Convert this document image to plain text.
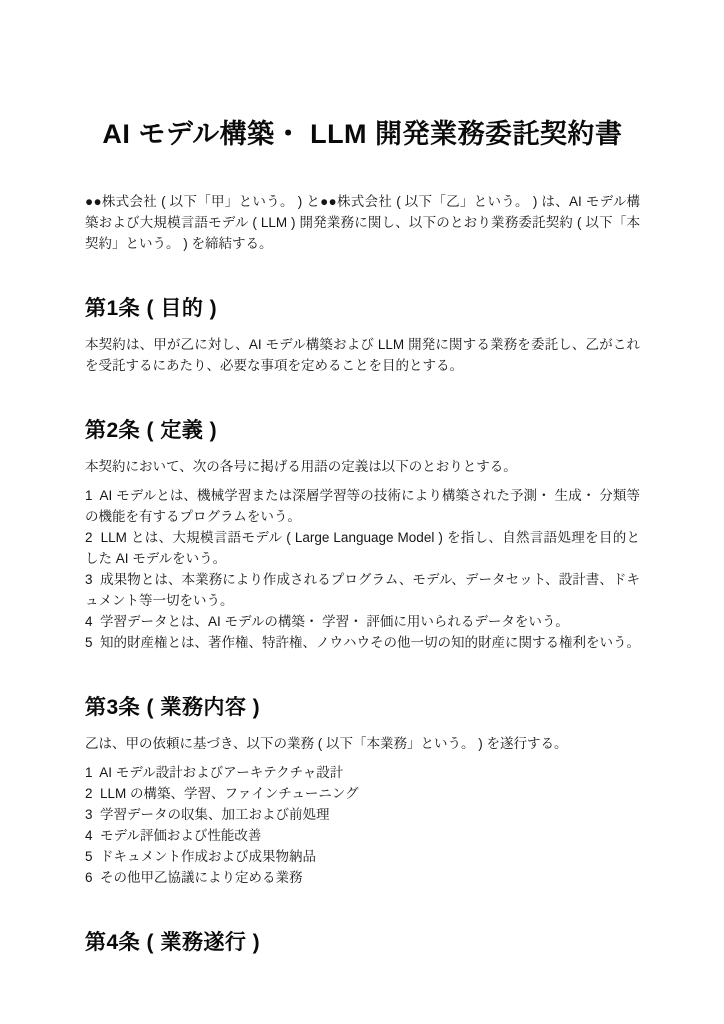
AI モデル構築・ LLM 開発業務委託契約書

●●株式会社 ( 以下「甲」という。 ) と●●株式会社 ( 以下「乙」という。 ) は、AI モデル構築および大規模言語モデル ( LLM ) 開発業務に関し、以下のとおり業務委託契約 ( 以下「本契約」という。 ) を締結する。

第1条 ( 目的 )

本契約は、甲が乙に対し、AI モデル構築および LLM 開発に関する業務を委託し、乙がこれを受託するにあたり、必要な事項を定めることを目的とする。

第2条 ( 定義 )

本契約において、次の各号に掲げる用語の定義は以下のとおりとする。

1  AI モデルとは、機械学習または深層学習等の技術により構築された予測・ 生成・ 分類等の機能を有するプログラムをいう。

2  LLM とは、大規模言語モデル ( Large Language Model ) を指し、自然言語処理を目的とした AI モデルをいう。

3  成果物とは、本業務により作成されるプログラム、モデル、データセット、設計書、ドキュメント等一切をいう。

4  学習データとは、AI モデルの構築・ 学習・ 評価に用いられるデータをいう。

5  知的財産権とは、著作権、特許権、ノウハウその他一切の知的財産に関する権利をいう。

第3条 ( 業務内容 )

乙は、甲の依頼に基づき、以下の業務 ( 以下「本業務」という。 ) を遂行する。

1  AI モデル設計およびアーキテクチャ設計

2  LLM の構築、学習、ファインチューニング

3  学習データの収集、加工および前処理

4  モデル評価および性能改善

5  ドキュメント作成および成果物納品

6  その他甲乙協議により定める業務

第4条 ( 業務遂行 )
